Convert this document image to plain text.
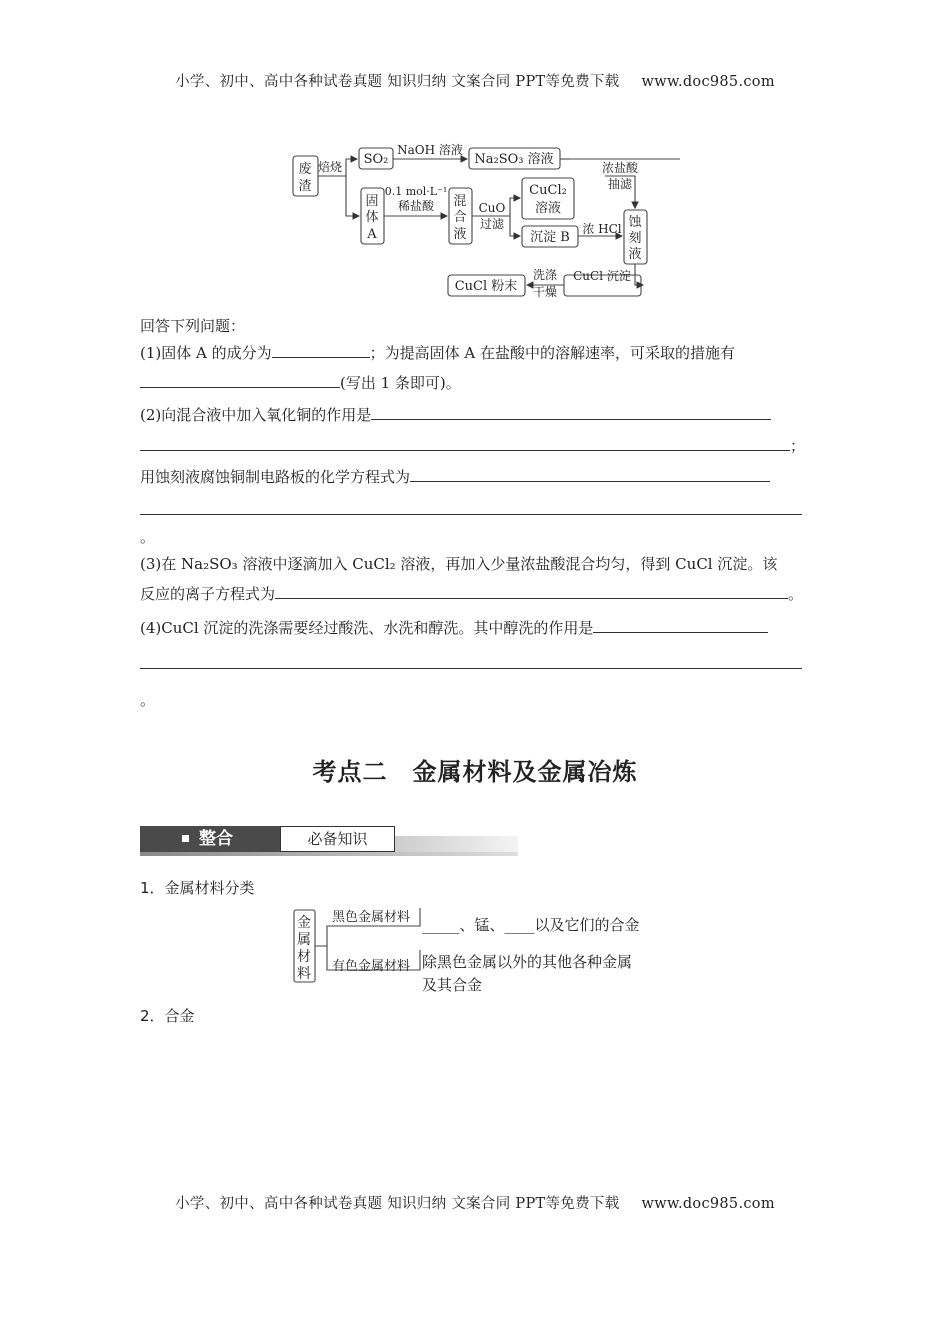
小学、初中、高中各种试卷真题 知识归纳 文案合同 PPT等免费下载 www.doc985.com
废
渣
焙烧 SO₂
NaOH 溶液
Na₂SO₃ 溶液
浓盐酸
抽滤
固
体
A
0.1 mol·L⁻¹
稀盐酸 混
合
液
CuO
过滤
CuCl₂
溶液
沉淀 B
浓 HCl 蚀
刻
液
CuCl 沉淀
洗涤
干燥
CuCl 粉末
回答下列问题：
(1)固体 A 的成分为	；为提高固体 A 在盐酸中的溶解速率，可采取的措施有
(写出 1 条即可)。
(2)向混合液中加入氧化铜的作用是
；
用蚀刻液腐蚀铜制电路板的化学方程式为
。
(3)在 Na₂SO₃ 溶液中逐滴加入 CuCl₂ 溶液，再加入少量浓盐酸混合均匀，得到 CuCl 沉淀。该
反应的离子方程式为	。
(4)CuCl 沉淀的洗涤需要经过酸洗、水洗和醇洗。其中醇洗的作用是
。
考点二　金属材料及金属冶炼
整合	必备知识
1．金属材料分类
金
属
材
料
黑色金属材料
有色金属材料
_____、锰、____以及它们的合金
除黑色金属以外的其他各种金属
及其合金
2．合金
小学、初中、高中各种试卷真题 知识归纳 文案合同 PPT等免费下载 www.doc985.com
